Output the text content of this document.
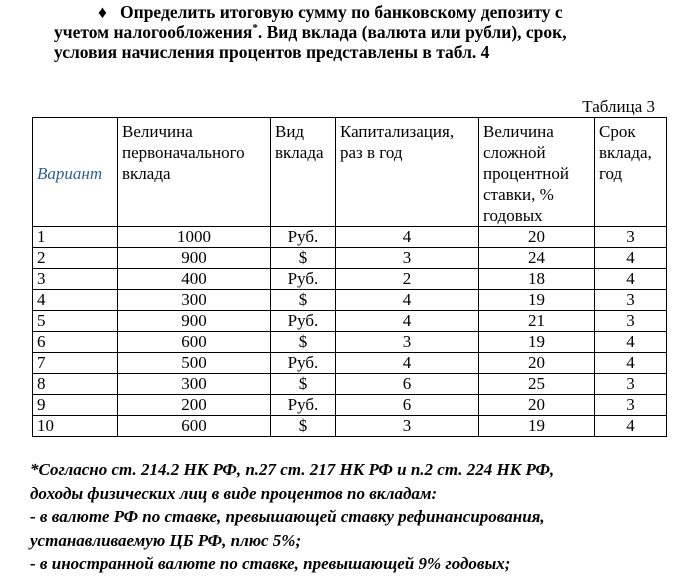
♦ Определить итоговую сумму по банковскому депозиту с
учетом налогообложения*. Вид вклада (валюта или рубли), срок,
условия начисления процентов представлены в табл. 4
Таблица 3
Вариант	Величина первоначального вклада	Вид вклада	Капитализация, раз в год	Величина сложной процентной ставки, % годовых	Срок вклада, год
1	1000	Руб.	4	20	3
2	900	$	3	24	4
3	400	Руб.	2	18	4
4	300	$	4	19	3
5	900	Руб.	4	21	3
6	600	$	3	19	4
7	500	Руб.	4	20	4
8	300	$	6	25	3
9	200	Руб.	6	20	3
10	600	$	3	19	4
*Согласно ст. 214.2 НК РФ, п.27 ст. 217 НК РФ и п.2 ст. 224 НК РФ,
доходы физических лиц в виде процентов по вкладам:
- в валюте РФ по ставке, превышающей ставку рефинансирования,
устанавливаемую ЦБ РФ, плюс 5%;
- в иностранной валюте по ставке, превышающей 9% годовых;
